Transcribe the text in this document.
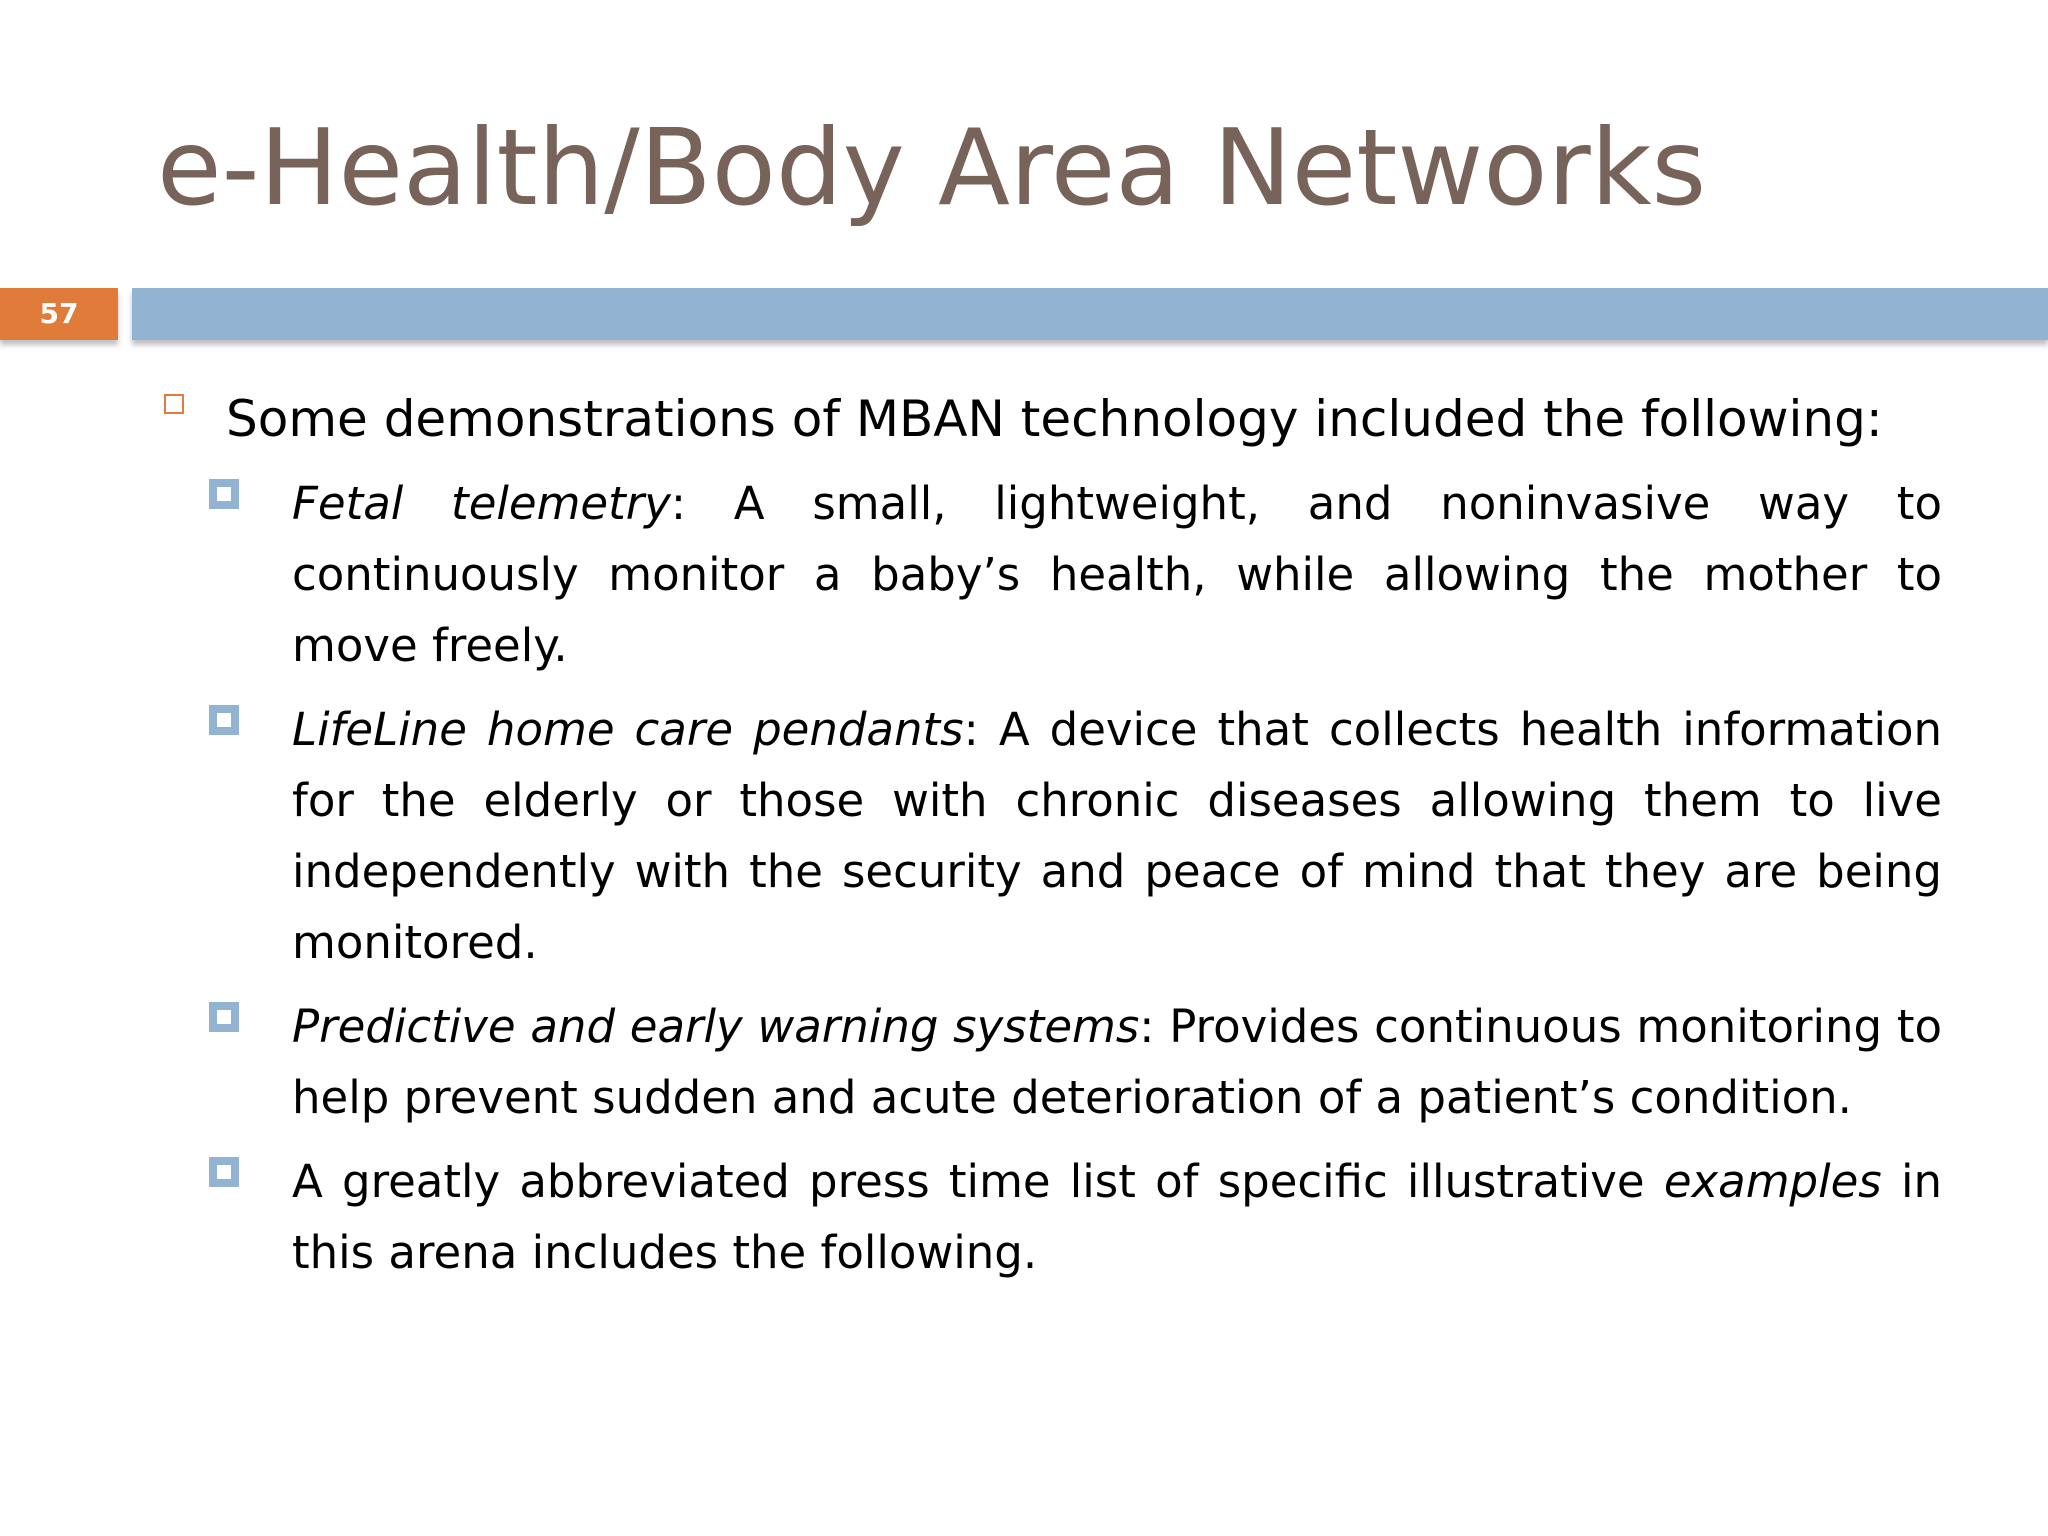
e-Health/Body Area Networks
57

Some demonstrations of MBAN technology included the following:

Fetal telemetry: A small, lightweight, and noninvasive way to continuously monitor a baby’s health, while allowing the mother to move freely.

LifeLine home care pendants: A device that collects health information for the elderly or those with chronic diseases allowing them to live independently with the security and peace of mind that they are being monitored.

Predictive and early warning systems: Provides continuous monitoring to help prevent sudden and acute deterioration of a patient’s condition.

A greatly abbreviated press time list of specific illustrative examples in this arena includes the following.
